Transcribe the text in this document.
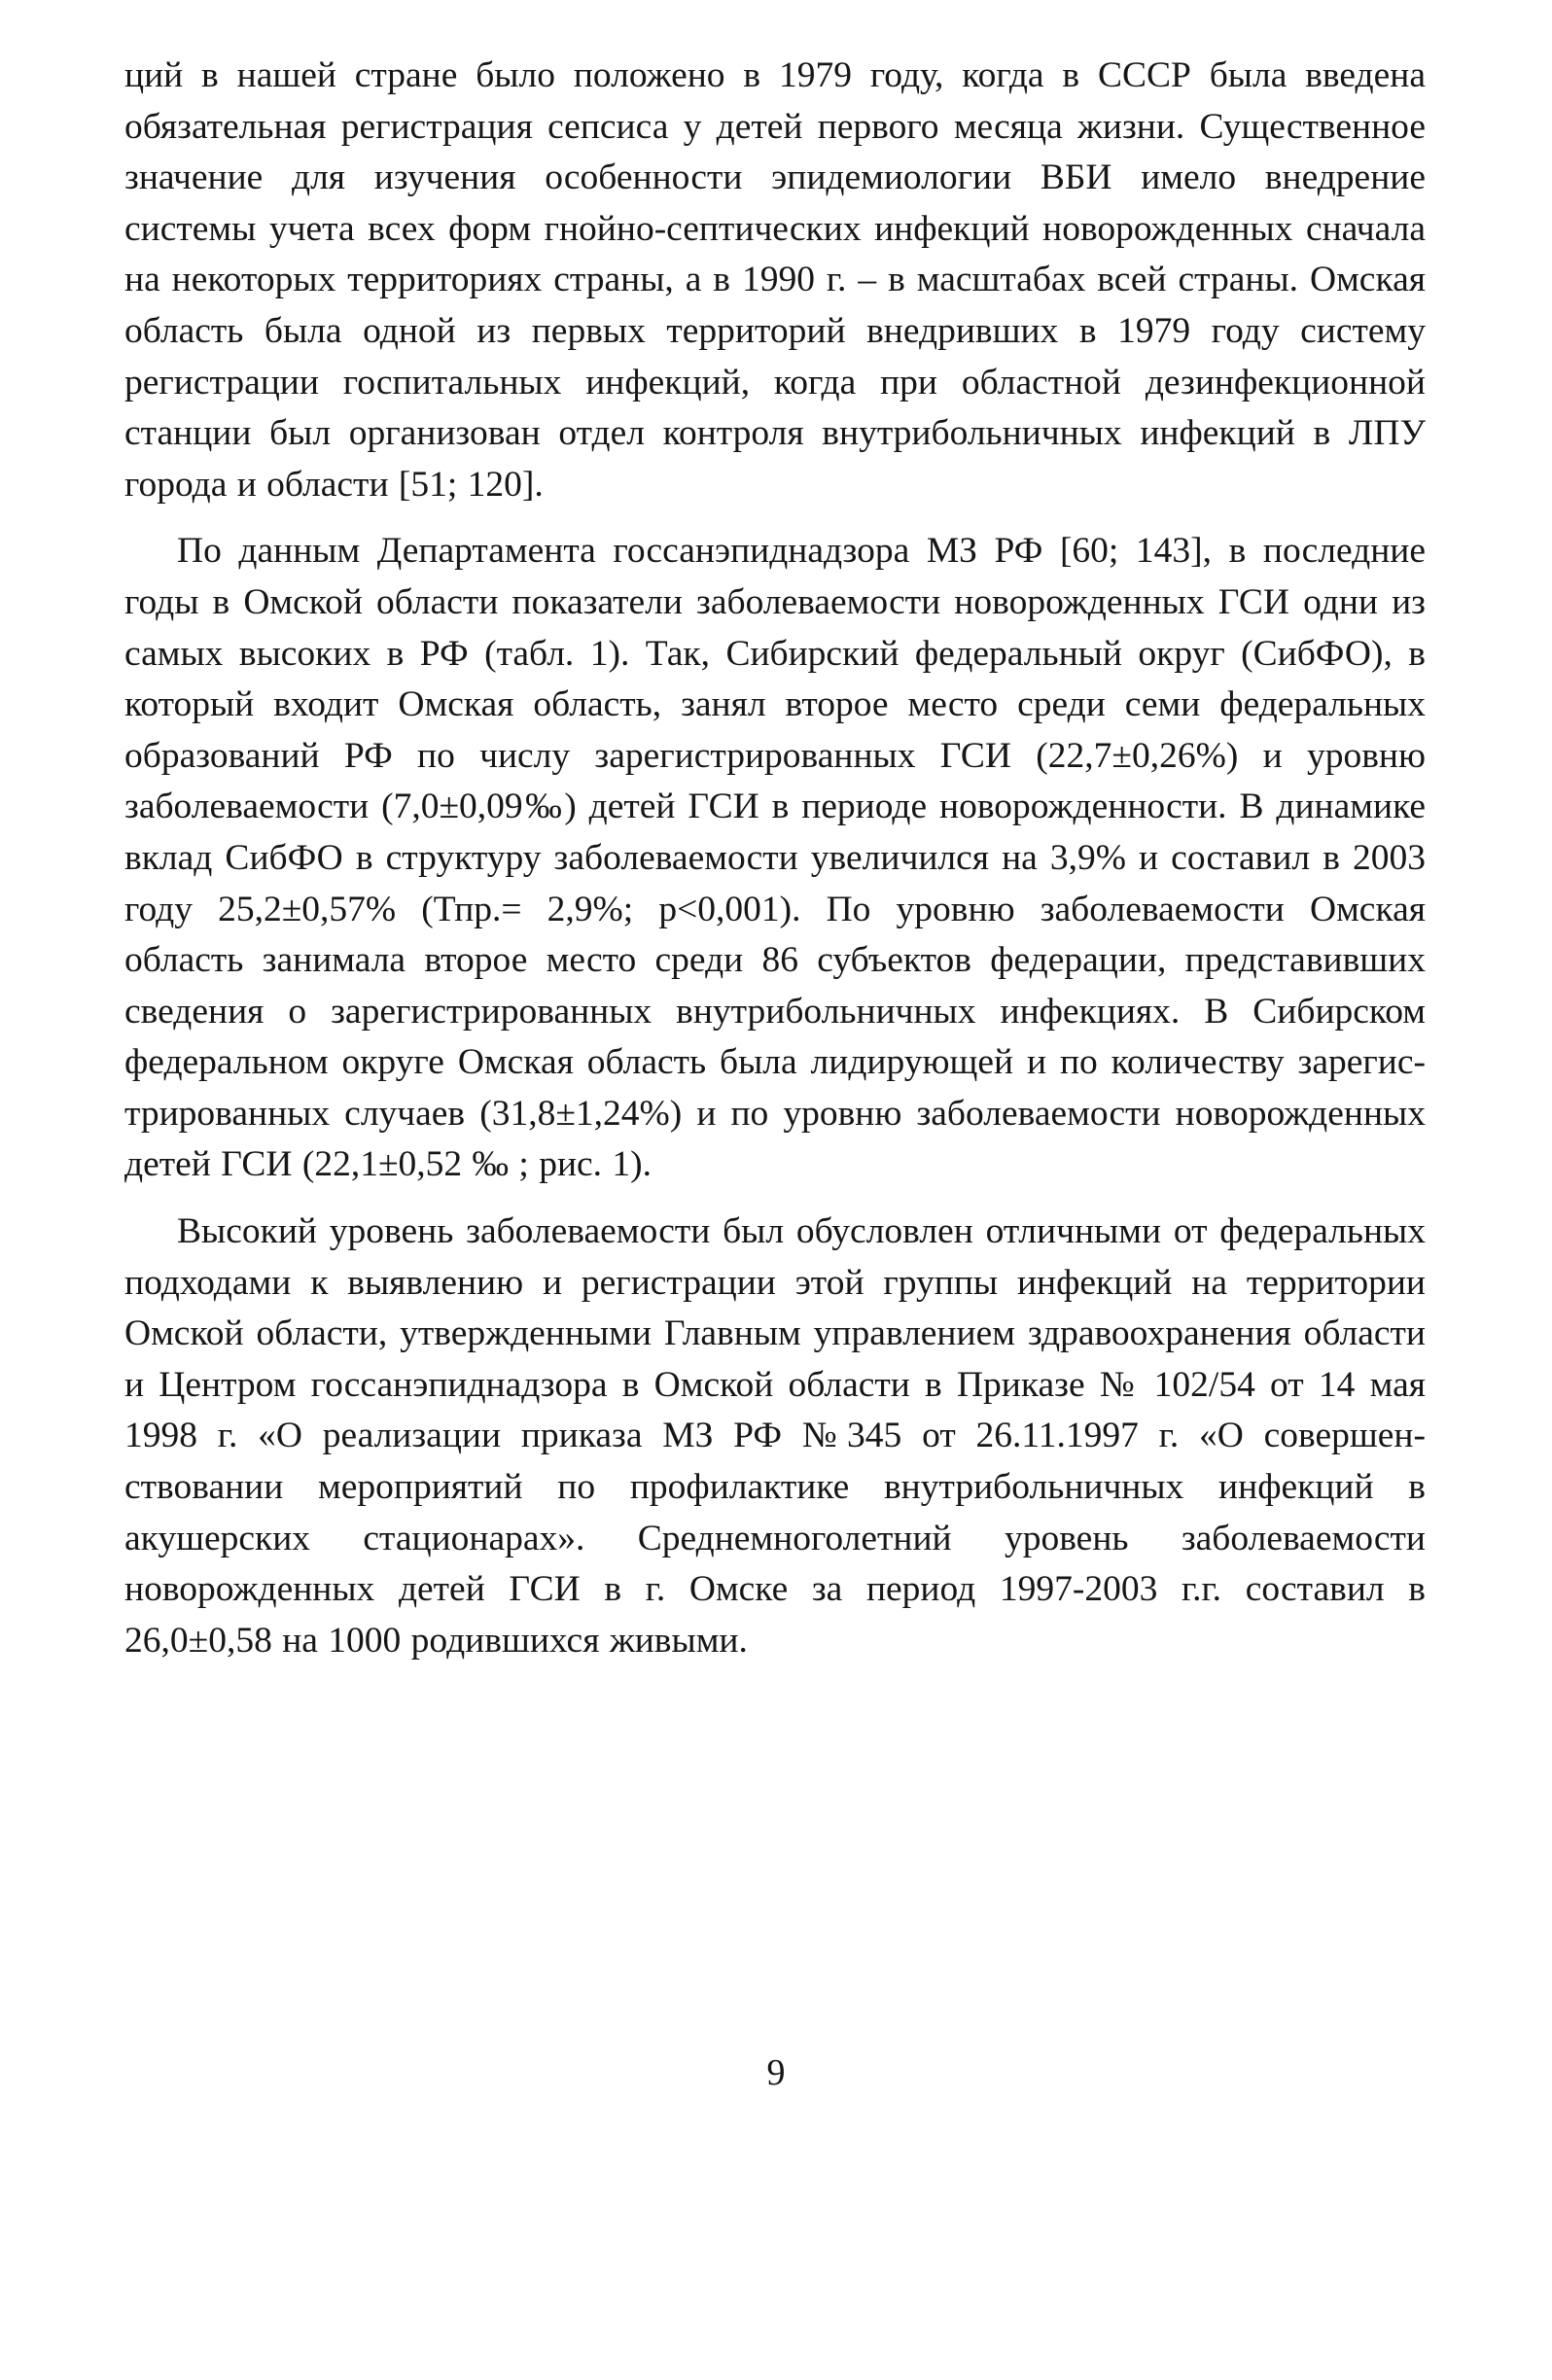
ций в нашей стране было положено в 1979 году, когда в СССР была введена обязательная регистрация сепсиса у детей первого месяца жизни. Существенное значение для изучения особенности эпидемиологии ВБИ имело внедрение системы учета всех форм гнойно-септических инфекций новорожденных сначала на некоторых территориях страны, а в 1990 г. – в масштабах всей страны. Омская область была одной из первых территорий внедривших в 1979 году систему регистрации госпитальных инфекций, когда при областной дезинфекционной станции был организован отдел контроля внутрибольничных инфекций в ЛПУ города и области [51; 120].

По данным Департамента госсанэпиднадзора МЗ РФ [60; 143], в последние годы в Омской области показатели заболеваемости новорожденных ГСИ одни из самых высоких в РФ (табл. 1). Так, Сибирский федеральный округ (СибФО), в который входит Омская область, занял второе место среди семи федеральных образований РФ по числу зарегистрированных ГСИ (22,7±0,26%) и уровню заболеваемости (7,0±0,09‰) детей ГСИ в периоде новорожденности. В динамике вклад СибФО в структуру заболеваемости увеличился на 3,9% и составил в 2003 году 25,2±0,57% (Тпр.= 2,9%; p<0,001). По уровню заболеваемости Омская область занимала второе место среди 86 субъектов федерации, представивших сведения о зарегистрированных внутрибольничных инфекциях. В Сибирском федеральном округе Омская область была лидирующей и по количеству зарегистрированных случаев (31,8±1,24%) и по уровню заболеваемости новорожденных детей ГСИ (22,1±0,52 ‰ ; рис. 1).

Высокий уровень заболеваемости был обусловлен отличными от федеральных подходами к выявлению и регистрации этой группы инфекций на территории Омской области, утвержденными Главным управлением здравоохранения области и Центром госсанэпиднадзора в Омской области в Приказе № 102/54 от 14 мая 1998 г. «О реализации приказа МЗ РФ №345 от 26.11.1997 г. «О совершенствовании мероприятий по профилактике внутрибольничных инфекций в акушерских стационарах». Среднемноголетний уровень заболеваемости новорожденных детей ГСИ в г. Омске за период 1997-2003 г.г. составил в 26,0±0,58 на 1000 родившихся живыми.

9
